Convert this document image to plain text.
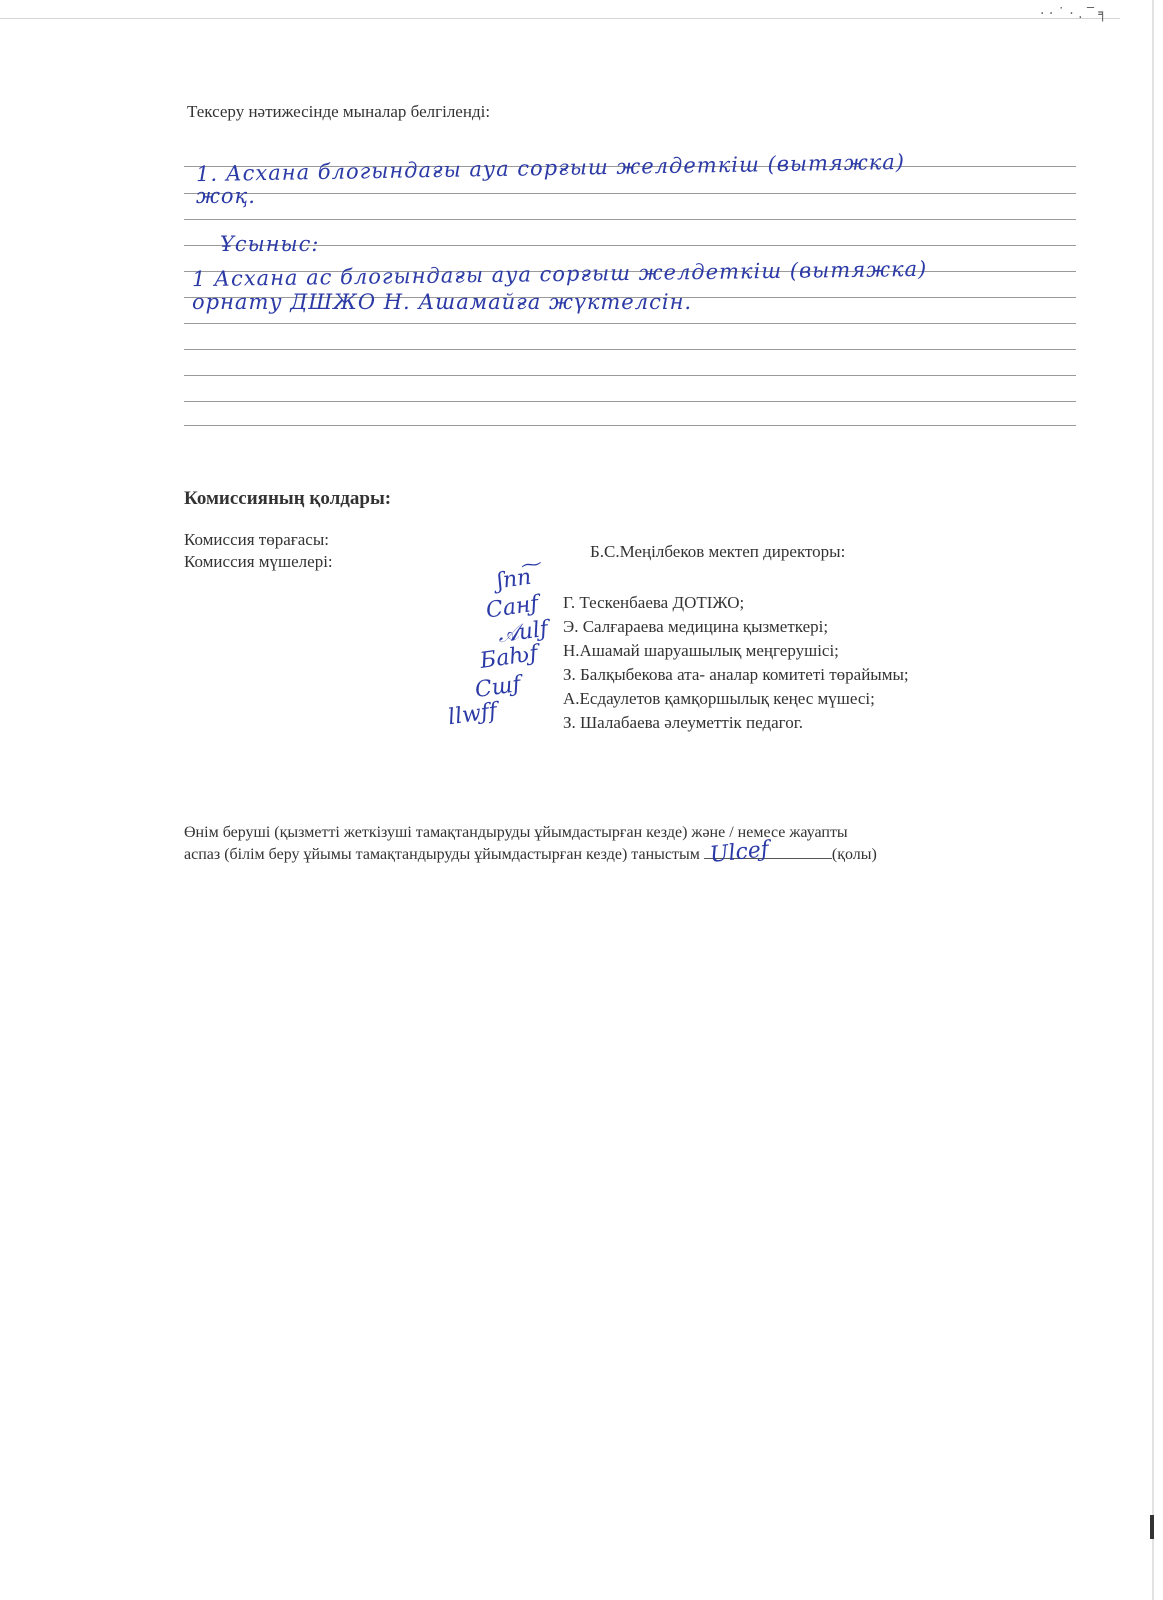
· · ˙ · . ‾ ╕

Тексеру нәтижесінде мыналар белгіленді:

1. Асхана блогындағы ауа сорғыш желдеткіш (вытяжка)

жоқ.

Ұсыныс:

1 Асхана ас блогындағы ауа сорғыш желдеткіш (вытяжка)

орнату ДШЖО Н. Ашамайға жүктелсін.

Комиссияның қолдары:

Комиссия төрағасы:

Комиссия мүшелері:

Б.С.Меңілбеков мектеп директоры:

Г. Тескенбаева ДОТІЖО;
Э. Салғараева медицина қызметкері;
Н.Ашамай шаруашылық меңгерушісі;
З. Балқыбекова ата- аналар комитеті төрайымы;
А.Есдаулетов қамқоршылық кеңес мүшесі;
З. Шалабаева әлеуметтік педагог.
ʃnn͠
Caнƒ
𝒜ulƒ
Ƃaƕƒ
Cшƒ
llwƒf

Өнім беруші (қызметті жеткізуші тамақтандыруды ұйымдастырған кезде) және / немесе жауапты
аспаз (білім беру ұйымы тамақтандыруды ұйымдастырған кезде) таныстым Ulcеƒ	(қолы)
